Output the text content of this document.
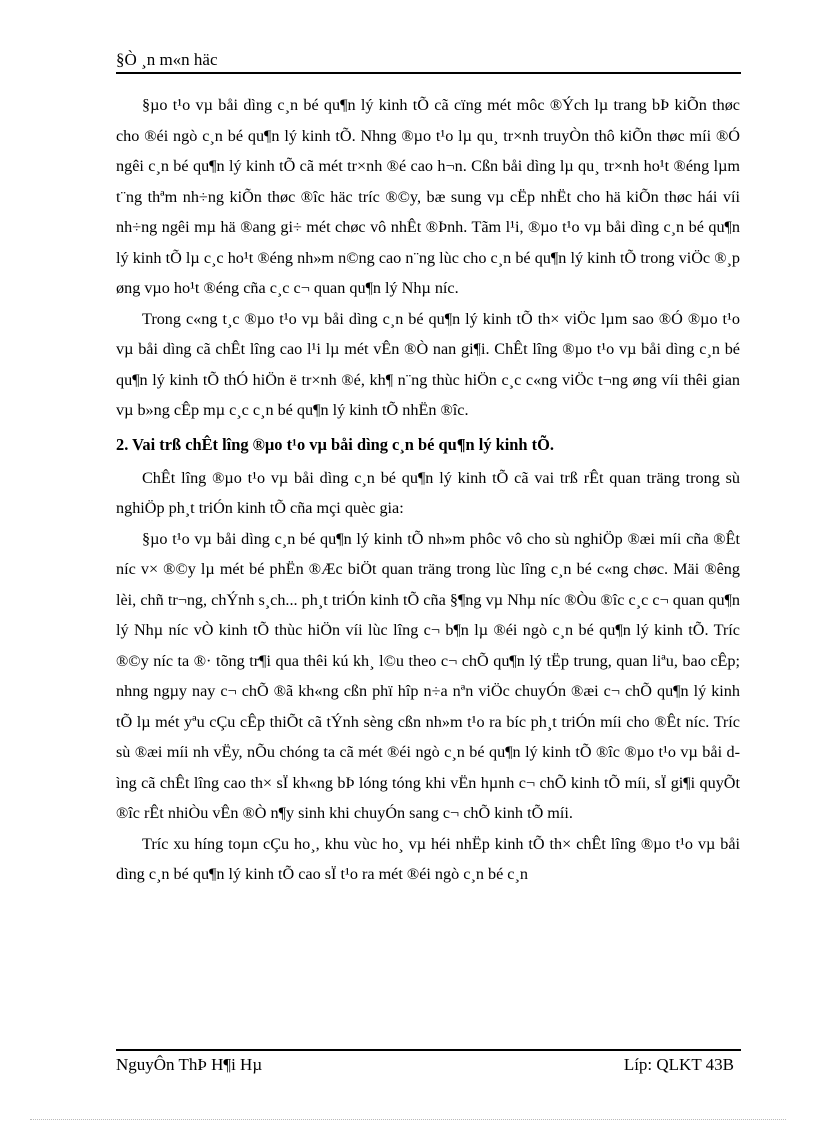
§Ò ¸n m«n häc

§µo t¹o vµ båi dìng c¸n bé qu¶n lý kinh tÕ cã cïng mét môc ®Ých lµ trang bÞ kiÕn thøc cho ®éi ngò c¸n bé qu¶n lý kinh tÕ. Nhng ®µo t¹o lµ qu¸ tr×nh truyÒn thô kiÕn thøc míi ®Ó ngêi c¸n bé qu¶n lý kinh tÕ cã mét tr×nh ®é cao h¬n. Cßn båi dìng lµ qu¸ tr×nh ho¹t ®éng lµm t¨ng thªm nh÷ng kiÕn thøc ®îc häc tríc ®©y, bæ sung vµ cËp nhËt cho hä kiÕn thøc hái víi nh÷ng ngêi mµ hä ®ang gi÷ mét chøc vô nhÊt ®Þnh. Tãm l¹i, ®µo t¹o vµ båi dìng c¸n bé qu¶n lý kinh tÕ lµ c¸c ho¹t ®éng nh»m n©ng cao n¨ng lùc cho c¸n bé qu¶n lý kinh tÕ trong viÖc ®¸p øng vµo ho¹t ®éng cña c¸c c¬ quan qu¶n lý Nhµ níc.

Trong c«ng t¸c ®µo t¹o vµ båi dìng c¸n bé qu¶n lý kinh tÕ th× viÖc lµm sao ®Ó ®µo t¹o vµ båi dìng cã chÊt lîng cao l¹i lµ mét vÊn ®Ò nan gi¶i. ChÊt lîng ®µo t¹o vµ båi dìng c¸n bé qu¶n lý kinh tÕ thÓ hiÖn ë tr×nh ®é, kh¶ n¨ng thùc hiÖn c¸c c«ng viÖc t¬ng øng víi thêi gian vµ b»ng cÊp mµ c¸c c¸n bé qu¶n lý kinh tÕ nhËn ®îc.

2. Vai trß chÊt lîng ®µo t¹o vµ båi dìng c¸n bé qu¶n lý kinh tÕ.

ChÊt lîng ®µo t¹o vµ båi dìng c¸n bé qu¶n lý kinh tÕ cã vai trß rÊt quan träng trong sù nghiÖp ph¸t triÓn kinh tÕ cña mçi quèc gia:

§µo t¹o vµ båi dìng c¸n bé qu¶n lý kinh tÕ nh»m phôc vô cho sù nghiÖp ®æi míi cña ®Êt níc v× ®©y lµ mét bé phËn ®Æc biÖt quan träng trong lùc lîng c¸n bé c«ng chøc. Mäi ®êng lèi, chñ tr¬ng, chÝnh s¸ch... ph¸t triÓn kinh tÕ cña §¶ng vµ Nhµ níc ®Òu ®îc c¸c c¬ quan qu¶n lý Nhµ níc vÒ kinh tÕ thùc hiÖn víi lùc lîng c¬ b¶n lµ ®éi ngò c¸n bé qu¶n lý kinh tÕ. Tríc ®©y níc ta ®· tõng tr¶i qua thêi kú kh¸ l©u theo c¬ chÕ qu¶n lý tËp trung, quan liªu, bao cÊp; nhng ngµy nay c¬ chÕ ®ã kh«ng cßn phï hîp n÷a nªn viÖc chuyÓn ®æi c¬ chÕ qu¶n lý kinh tÕ lµ mét yªu cÇu cÊp thiÕt cã tÝnh sèng cßn nh»m t¹o ra bíc ph¸t triÓn míi cho ®Êt níc. Tríc sù ®æi míi nh vËy, nÕu chóng ta cã mét ®éi ngò c¸n bé qu¶n lý kinh tÕ ®îc ®µo t¹o vµ båi dìng cã chÊt lîng cao th× sÏ kh«ng bÞ lóng tóng khi vËn hµnh c¬ chÕ kinh tÕ míi, sÏ gi¶i quyÕt ®îc rÊt nhiÒu vÊn ®Ò n¶y sinh khi chuyÓn sang c¬ chÕ kinh tÕ míi.

Tríc xu híng toµn cÇu ho¸, khu vùc ho¸ vµ héi nhËp kinh tÕ th× chÊt lîng ®µo t¹o vµ båi dìng c¸n bé qu¶n lý kinh tÕ cao sÏ t¹o ra mét ®éi ngò c¸n bé c¸n

NguyÔn ThÞ H¶i Hµ	Líp: QLKT 43B
